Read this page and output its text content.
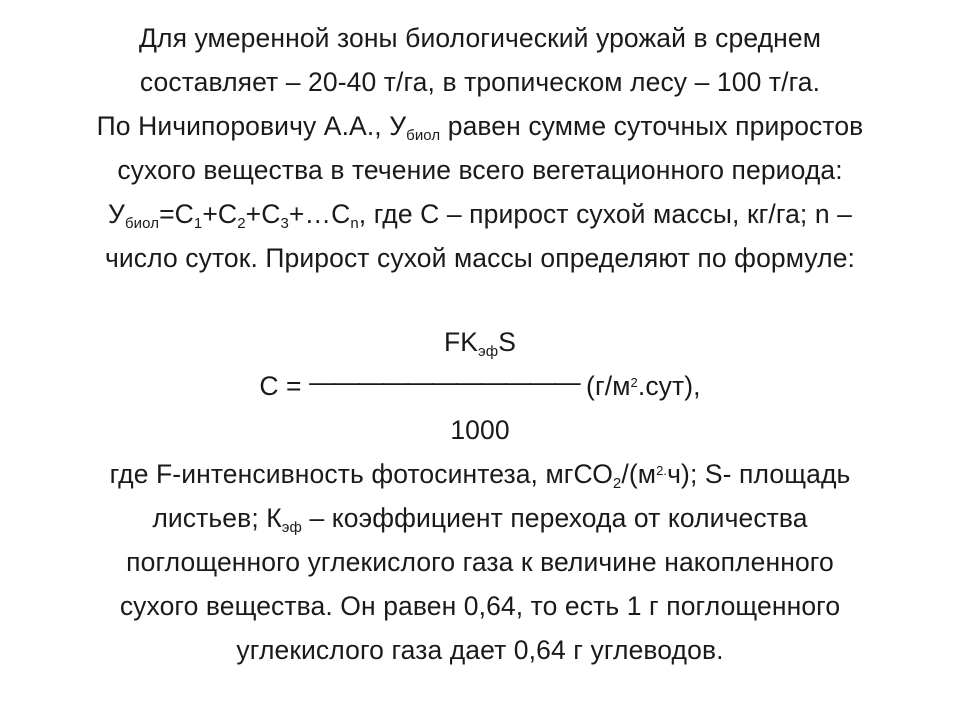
Для умеренной зоны биологический урожай в среднем
составляет – 20-40 т/га, в тропическом лесу – 100 т/га.
По Ничипоровичу А.А., $У_{биол}$ равен сумме суточных приростов
сухого вещества в течение всего вегетационного периода:
$У_{биол}=С_1+С_2+С_3+\dots С_n$, где С – прирост сухой массы, кг/га; n –
число суток. Прирост сухой массы определяют по формуле:
$FK_{эф}S$
С = ——————————— $(г/м^2.сут)$,
1000
где F-интенсивность фотосинтеза, $мгСО_2/(м^{2.}ч)$; S- площадь
листьев; $К_{эф}$ – коэффициент перехода от количества
поглощенного углекислого газа к величине накопленного
сухого вещества. Он равен 0,64, то есть 1 г поглощенного
углекислого газа дает 0,64 г углеводов.
